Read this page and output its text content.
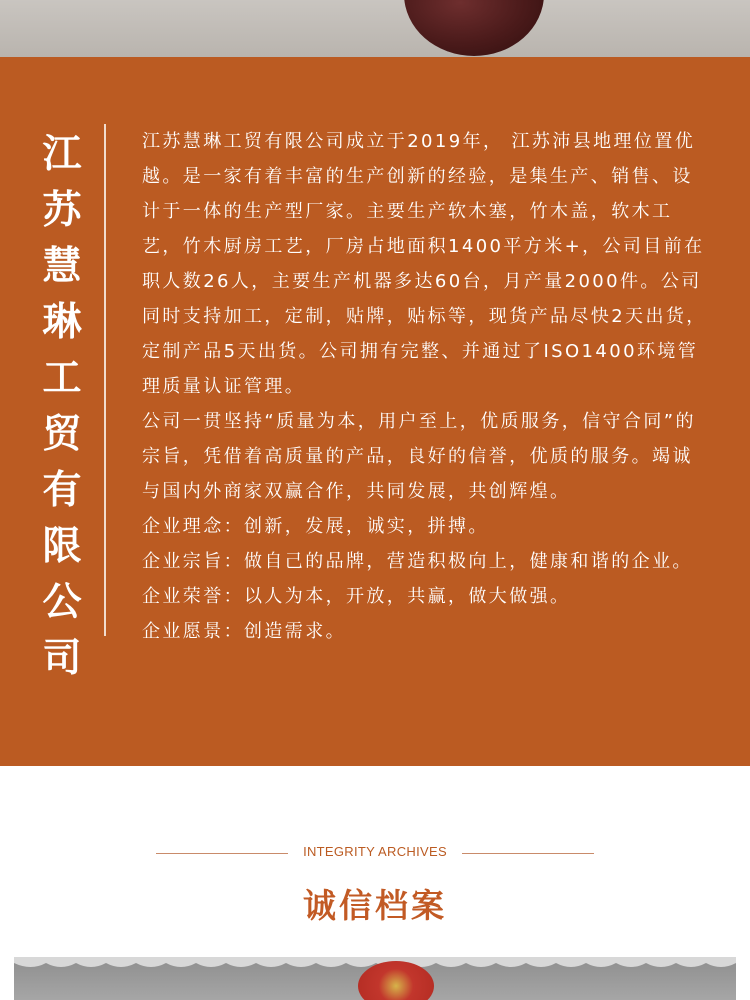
江苏慧琳工贸有限公司

江苏慧琳工贸有限公司成立于2019年， 江苏沛县地理位置优越。是一家有着丰富的生产创新的经验，是集生产、销售、设计于一体的生产型厂家。主要生产软木塞，竹木盖，软木工艺，竹木厨房工艺，厂房占地面积1400平方米+，公司目前在职人数26人，主要生产机器多达60台，月产量2000件。公司同时支持加工，定制，贴牌，贴标等，现货产品尽快2天出货，定制产品5天出货。公司拥有完整、并通过了ISO1400环境管理质量认证管理。

公司一贯坚持“质量为本，用户至上，优质服务，信守合同”的宗旨，凭借着高质量的产品，良好的信誉，优质的服务。竭诚与国内外商家双赢合作，共同发展，共创辉煌。

企业理念：创新，发展，诚实，拼搏。

企业宗旨：做自己的品牌，营造积极向上，健康和谐的企业。

企业荣誉：以人为本，开放，共赢，做大做强。

企业愿景：创造需求。

INTEGRITY ARCHIVES
诚信档案
